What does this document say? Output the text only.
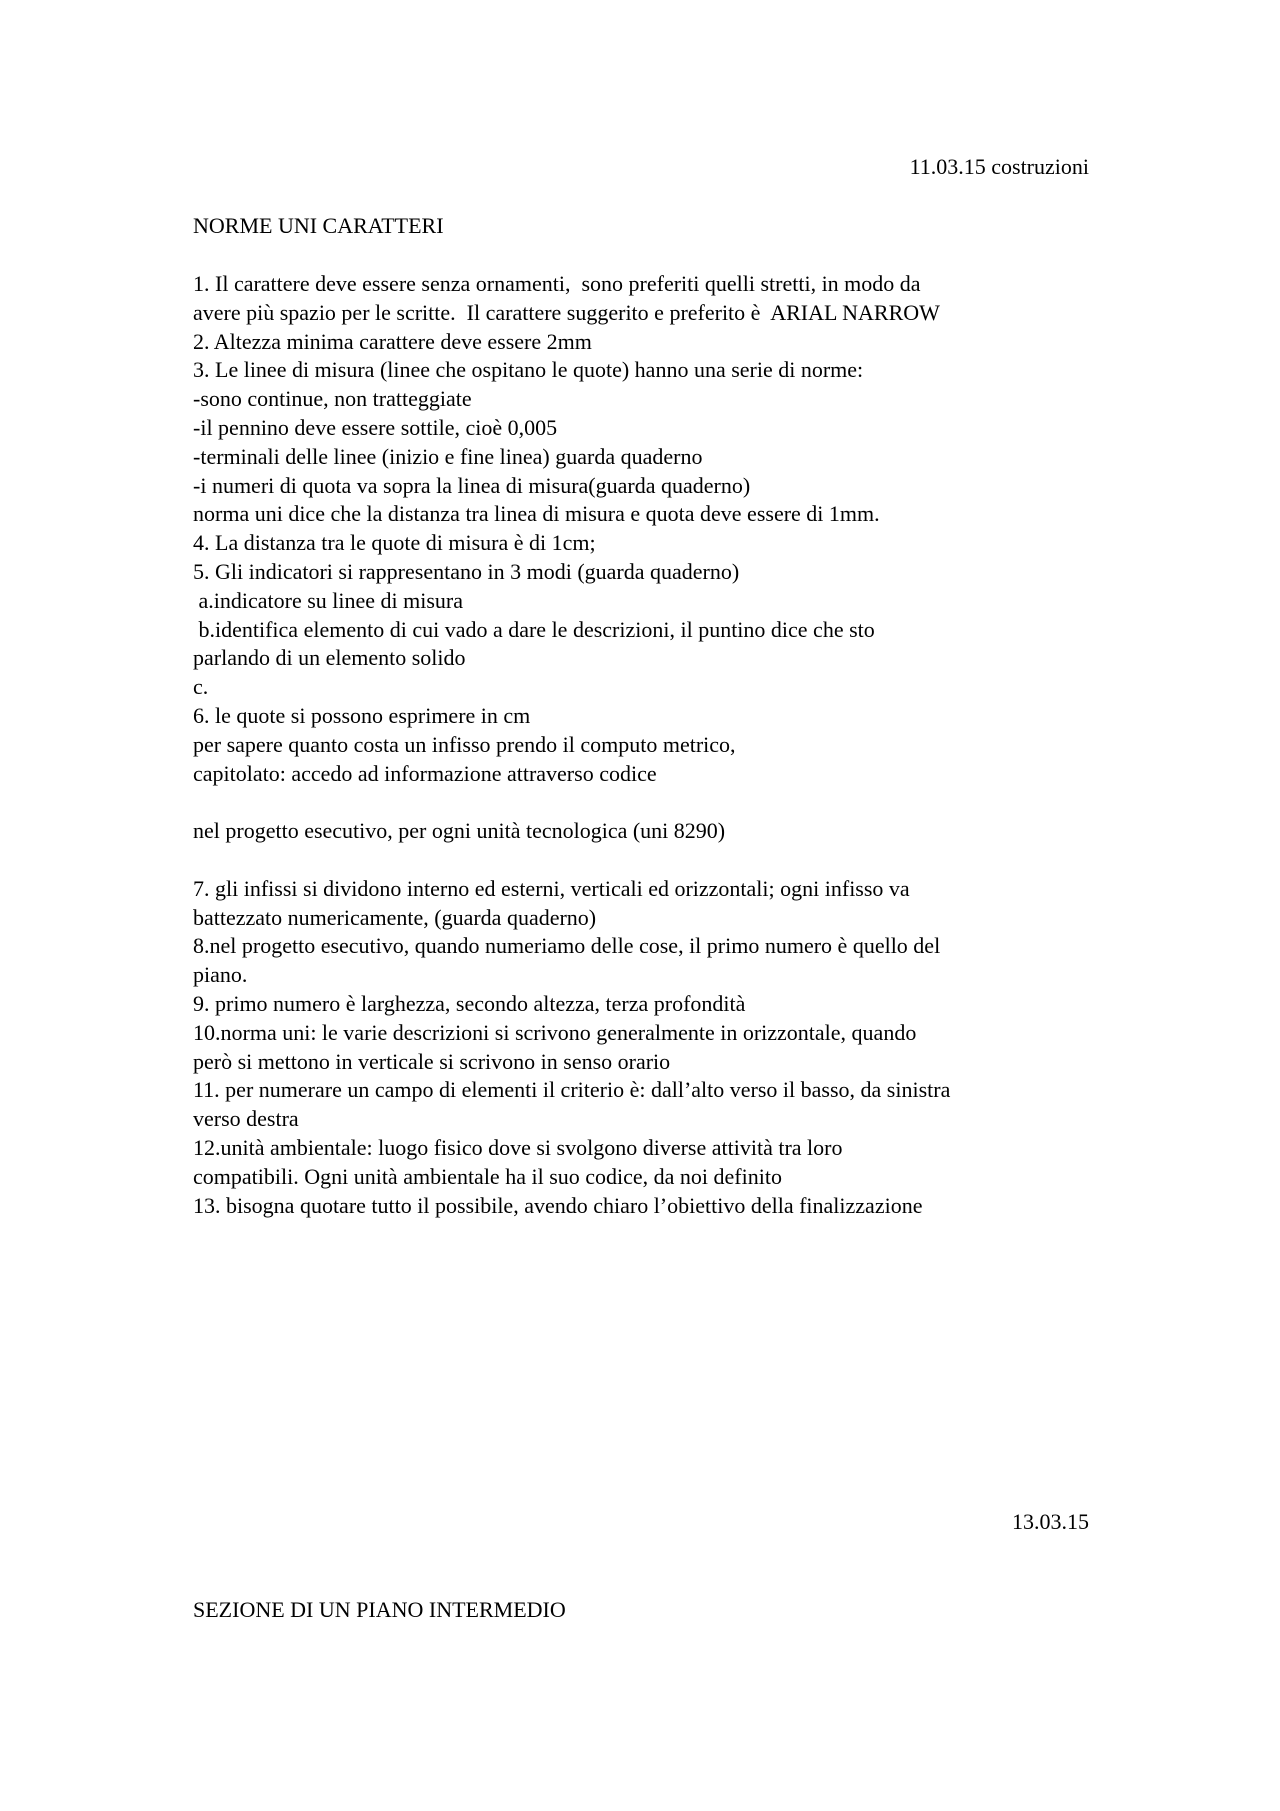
11.03.15 costruzioni
NORME UNI CARATTERI
1. Il carattere deve essere senza ornamenti,  sono preferiti quelli stretti, in modo da
avere più spazio per le scritte.  Il carattere suggerito e preferito è  ARIAL NARROW
2. Altezza minima carattere deve essere 2mm
3. Le linee di misura (linee che ospitano le quote) hanno una serie di norme:
-sono continue, non tratteggiate
-il pennino deve essere sottile, cioè 0,005
-terminali delle linee (inizio e fine linea) guarda quaderno
-i numeri di quota va sopra la linea di misura(guarda quaderno)
norma uni dice che la distanza tra linea di misura e quota deve essere di 1mm.
4. La distanza tra le quote di misura è di 1cm;
5. Gli indicatori si rappresentano in 3 modi (guarda quaderno)
a.indicatore su linee di misura
b.identifica elemento di cui vado a dare le descrizioni, il puntino dice che sto
parlando di un elemento solido
c.
6. le quote si possono esprimere in cm
per sapere quanto costa un infisso prendo il computo metrico,
capitolato: accedo ad informazione attraverso codice
nel progetto esecutivo, per ogni unità tecnologica (uni 8290)
7. gli infissi si dividono interno ed esterni, verticali ed orizzontali; ogni infisso va
battezzato numericamente, (guarda quaderno)
8.nel progetto esecutivo, quando numeriamo delle cose, il primo numero è quello del
piano.
9. primo numero è larghezza, secondo altezza, terza profondità
10.norma uni: le varie descrizioni si scrivono generalmente in orizzontale, quando
però si mettono in verticale si scrivono in senso orario
11. per numerare un campo di elementi il criterio è: dall’alto verso il basso, da sinistra
verso destra
12.unità ambientale: luogo fisico dove si svolgono diverse attività tra loro
compatibili. Ogni unità ambientale ha il suo codice, da noi definito
13. bisogna quotare tutto il possibile, avendo chiaro l’obiettivo della finalizzazione
13.03.15
SEZIONE DI UN PIANO INTERMEDIO
